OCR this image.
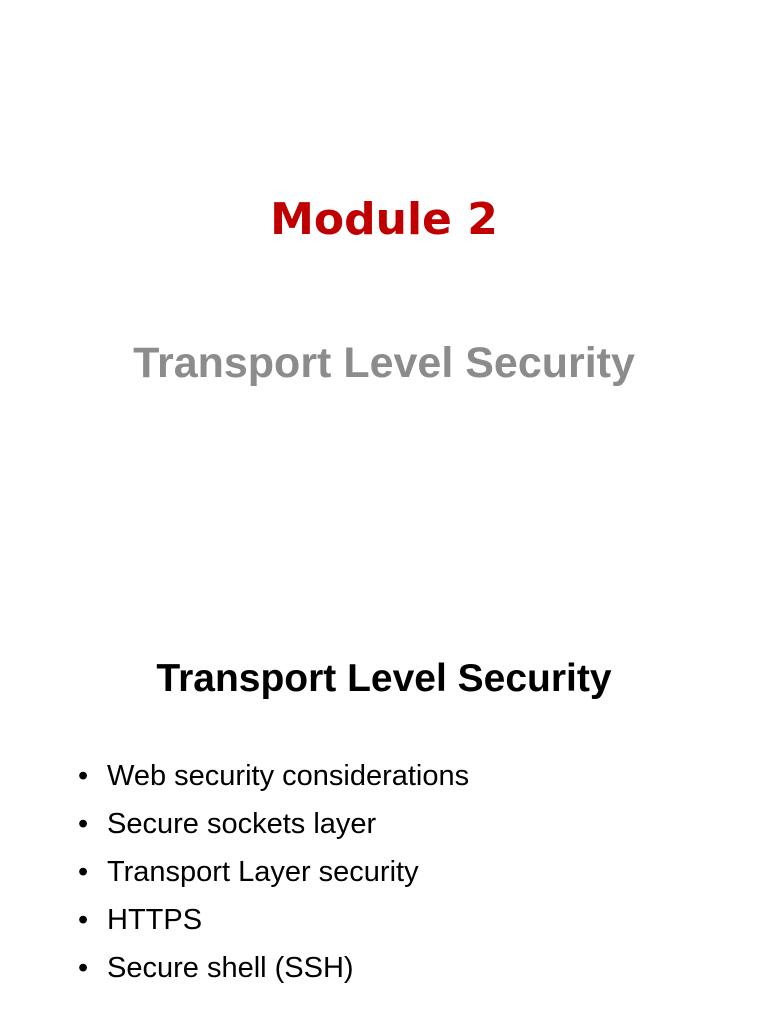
Module 2
Transport Level Security
Transport Level Security
• Web security considerations
• Secure sockets layer
• Transport Layer security
• HTTPS
• Secure shell (SSH)
